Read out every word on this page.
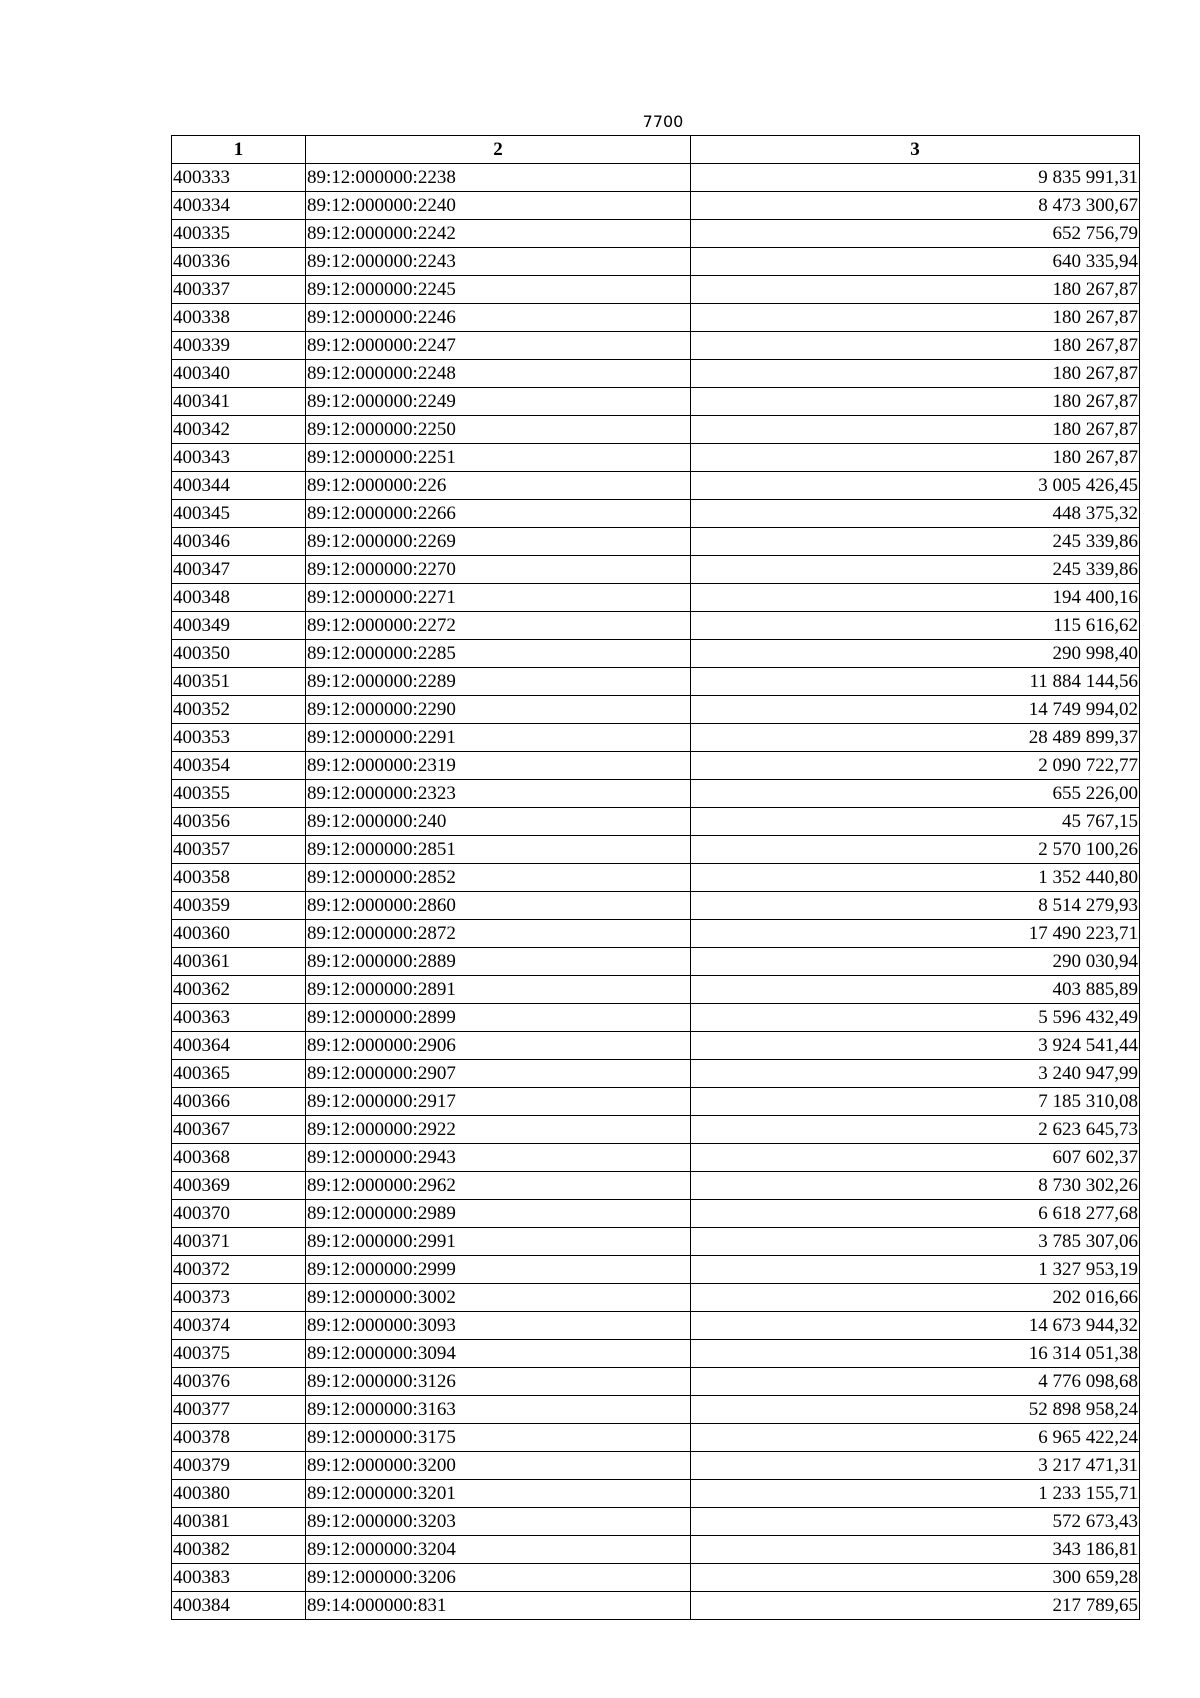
7700
1	2	3
400333	89:12:000000:2238	9 835 991,31
400334	89:12:000000:2240	8 473 300,67
400335	89:12:000000:2242	652 756,79
400336	89:12:000000:2243	640 335,94
400337	89:12:000000:2245	180 267,87
400338	89:12:000000:2246	180 267,87
400339	89:12:000000:2247	180 267,87
400340	89:12:000000:2248	180 267,87
400341	89:12:000000:2249	180 267,87
400342	89:12:000000:2250	180 267,87
400343	89:12:000000:2251	180 267,87
400344	89:12:000000:226	3 005 426,45
400345	89:12:000000:2266	448 375,32
400346	89:12:000000:2269	245 339,86
400347	89:12:000000:2270	245 339,86
400348	89:12:000000:2271	194 400,16
400349	89:12:000000:2272	115 616,62
400350	89:12:000000:2285	290 998,40
400351	89:12:000000:2289	11 884 144,56
400352	89:12:000000:2290	14 749 994,02
400353	89:12:000000:2291	28 489 899,37
400354	89:12:000000:2319	2 090 722,77
400355	89:12:000000:2323	655 226,00
400356	89:12:000000:240	45 767,15
400357	89:12:000000:2851	2 570 100,26
400358	89:12:000000:2852	1 352 440,80
400359	89:12:000000:2860	8 514 279,93
400360	89:12:000000:2872	17 490 223,71
400361	89:12:000000:2889	290 030,94
400362	89:12:000000:2891	403 885,89
400363	89:12:000000:2899	5 596 432,49
400364	89:12:000000:2906	3 924 541,44
400365	89:12:000000:2907	3 240 947,99
400366	89:12:000000:2917	7 185 310,08
400367	89:12:000000:2922	2 623 645,73
400368	89:12:000000:2943	607 602,37
400369	89:12:000000:2962	8 730 302,26
400370	89:12:000000:2989	6 618 277,68
400371	89:12:000000:2991	3 785 307,06
400372	89:12:000000:2999	1 327 953,19
400373	89:12:000000:3002	202 016,66
400374	89:12:000000:3093	14 673 944,32
400375	89:12:000000:3094	16 314 051,38
400376	89:12:000000:3126	4 776 098,68
400377	89:12:000000:3163	52 898 958,24
400378	89:12:000000:3175	6 965 422,24
400379	89:12:000000:3200	3 217 471,31
400380	89:12:000000:3201	1 233 155,71
400381	89:12:000000:3203	572 673,43
400382	89:12:000000:3204	343 186,81
400383	89:12:000000:3206	300 659,28
400384	89:14:000000:831	217 789,65
